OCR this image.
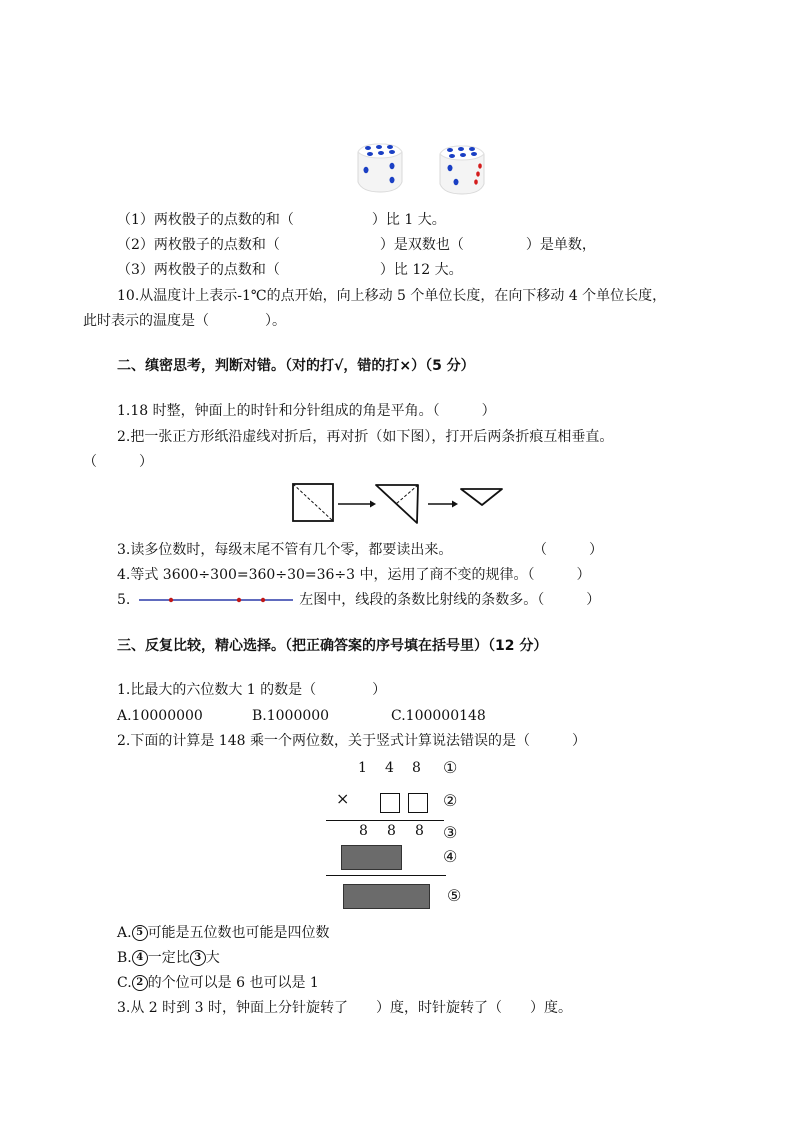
（1）两枚骰子的点数的和（	）比 1 大。
（2）两枚骰子的点数和（	）是双数也（	）是单数，
（3）两枚骰子的点数和（	）比 12 大。
10.从温度计上表示-1℃的点开始，向上移动 5 个单位长度，在向下移动 4 个单位长度，
此时表示的温度是（　　　　）。
二、缜密思考，判断对错。（对的打√，错的打×）（5 分）
1.18 时整，钟面上的时针和分针组成的角是平角。（　　　）
2.把一张正方形纸沿虚线对折后，再对折（如下图），打开后两条折痕互相垂直。
（　　　）
3.读多位数时，每级末尾不管有几个零，都要读出来。	（　　　）
4.等式 3600÷300=360÷30=36÷3 中，运用了商不变的规律。（　　　）
5.	左图中，线段的条数比射线的条数多。（　　　）
三、反复比较，精心选择。（把正确答案的序号填在括号里）（12 分）
1.比最大的六位数大 1 的数是（　　　　）
A.10000000	B.1000000	C.100000148
2.下面的计算是 148 乘一个两位数，关于竖式计算说法错误的是（　　　）
1 4 8 ①
×	②
8 8 8 ③
④
⑤
A. 5 可能是五位数也可能是四位数
B. 4 一定比 3 大
C. 2 的个位可以是 6 也可以是 1
3.从 2 时到 3 时，钟面上分针旋转了　　）度，时针旋转了（　　）度。
